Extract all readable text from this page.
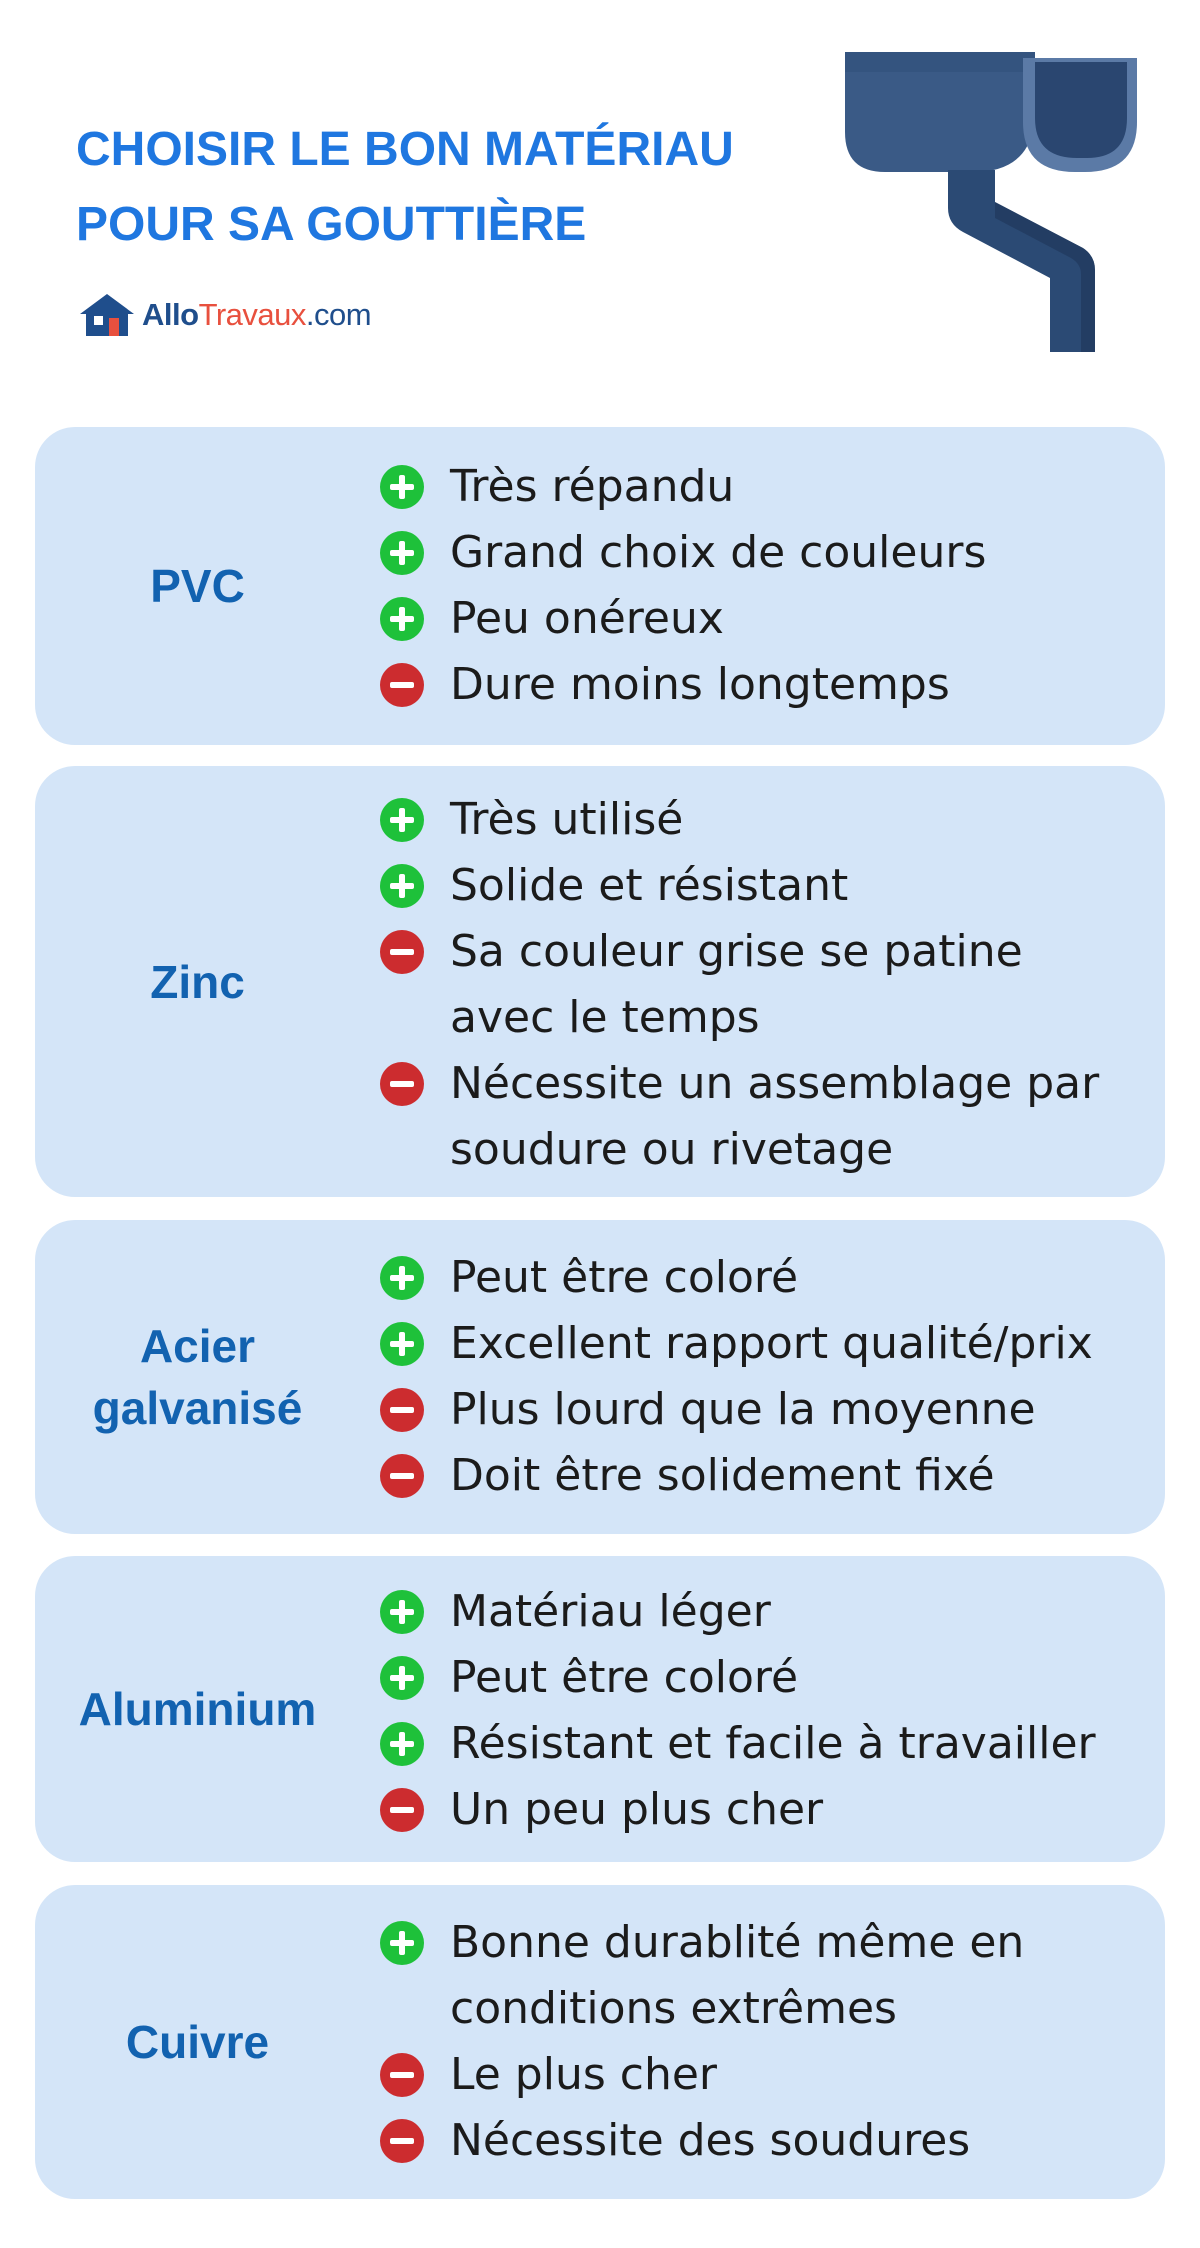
CHOISIR LE BON MATÉRIAU
POUR SA GOUTTIÈRE
AlloTravaux.com
PVC
Très répandu
Grand choix de couleurs
Peu onéreux
Dure moins longtemps
Zinc
Très utilisé
Solide et résistant
Sa couleur grise se patine avec le temps
Nécessite un assemblage par soudure ou rivetage
Acier galvanisé
Peut être coloré
Excellent rapport qualité/prix
Plus lourd que la moyenne
Doit être solidement fixé
Aluminium
Matériau léger
Peut être coloré
Résistant et facile à travailler
Un peu plus cher
Cuivre
Bonne durablité même en conditions extrêmes
Le plus cher
Nécessite des soudures
